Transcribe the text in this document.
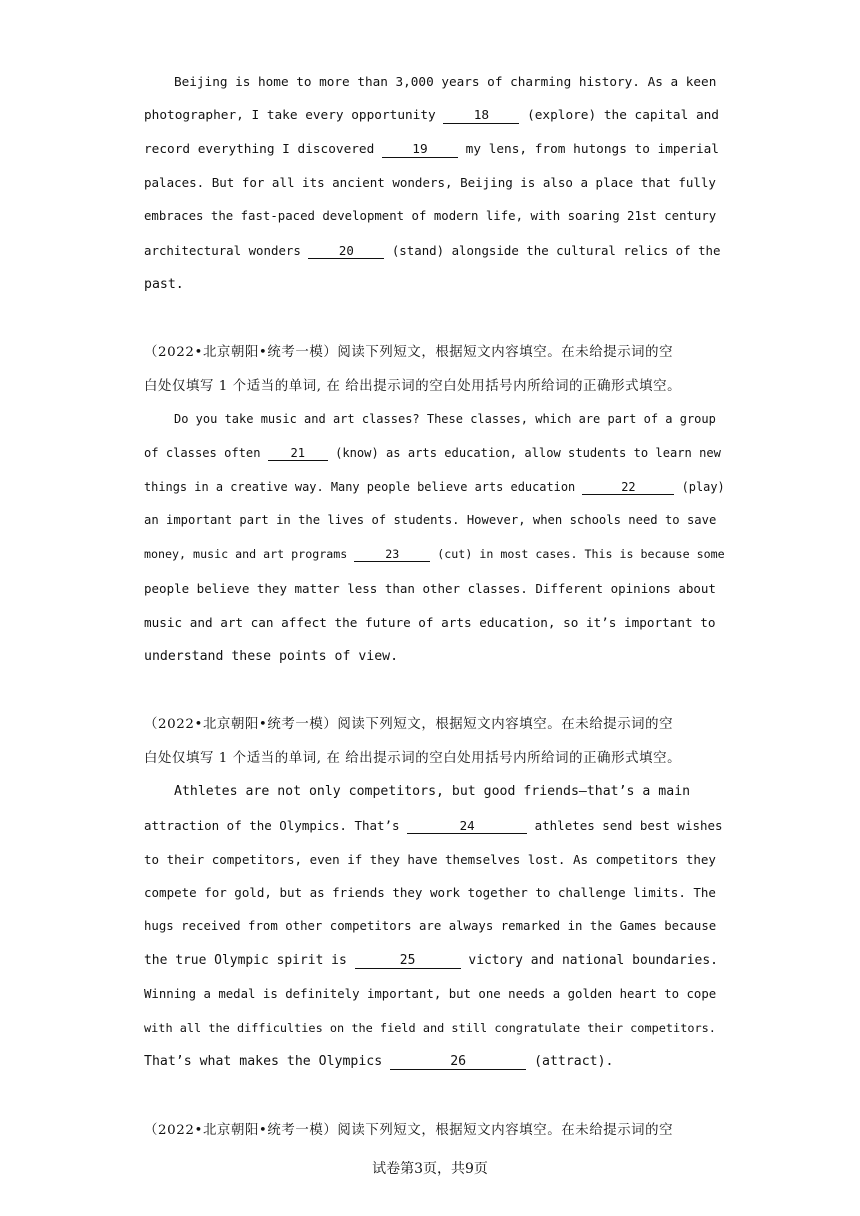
Beijing is home to more than 3,000 years of charming history. As a keen
photographer, I take every opportunity	18	(explore) the capital and
record everything I discovered	19	my lens, from hutongs to imperial
palaces. But for all its ancient wonders, Beijing is also a place that fully
embraces the fast-paced development of modern life, with soaring 21st century
architectural wonders	20	(stand) alongside the cultural relics of the
past.
（2022•北京朝阳•统考一模）阅读下列短文，根据短文内容填空。在未给提示词的空
白处仅填写 1 个适当的单词, 在 给出提示词的空白处用括号内所给词的正确形式填空。
Do you take music and art classes? These classes, which are part of a group
of classes often 21 (know) as arts education, allow students to learn new
things in a creative way. Many people believe arts education	22	(play)
an important part in the lives of students. However, when schools need to save
money, music and art programs	23	(cut) in most cases. This is because some
people believe they matter less than other classes. Different opinions about
music and art can affect the future of arts education, so it’s important to
understand these points of view.
（2022•北京朝阳•统考一模）阅读下列短文，根据短文内容填空。在未给提示词的空
白处仅填写 1 个适当的单词, 在 给出提示词的空白处用括号内所给词的正确形式填空。
Athletes are not only competitors, but good friends—that’s a main
attraction of the Olympics. That’s	24	athletes send best wishes
to their competitors, even if they have themselves lost. As competitors they
compete for gold, but as friends they work together to challenge limits. The
hugs received from other competitors are always remarked in the Games because
the true Olympic spirit is	25	victory and national boundaries.
Winning a medal is definitely important, but one needs a golden heart to cope
with all the difficulties on the field and still congratulate their competitors.
That’s what makes the Olympics	26	(attract).
（2022•北京朝阳•统考一模）阅读下列短文，根据短文内容填空。在未给提示词的空
试卷第3页，共9页
